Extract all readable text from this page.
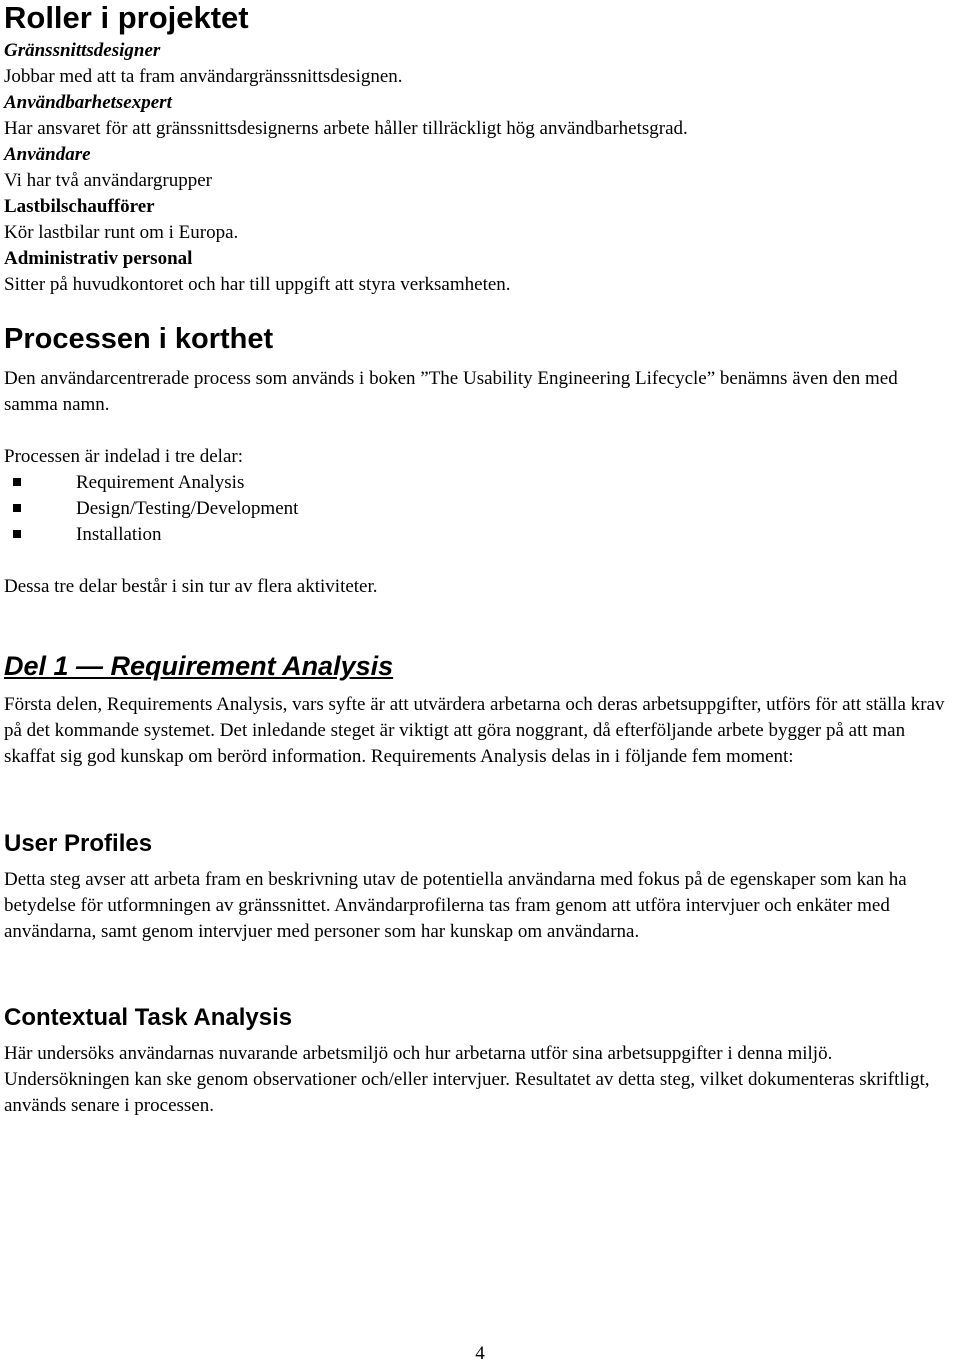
Roller i projektet

Gränssnittsdesigner

Jobbar med att ta fram användargränssnittsdesignen.

Användbarhetsexpert

Har ansvaret för att gränssnittsdesignerns arbete håller tillräckligt hög användbarhetsgrad.

Användare

Vi har två användargrupper

Lastbilschaufförer

Kör lastbilar runt om i Europa.

Administrativ personal

Sitter på huvudkontoret och har till uppgift att styra verksamheten.

Processen i korthet

Den användarcentrerade process som används i boken ”The Usability Engineering Lifecycle” benämns även den med samma namn.

Processen är indelad i tre delar:

Requirement Analysis
Design/Testing/Development
Installation

Dessa tre delar består i sin tur av flera aktiviteter.

Del 1 — Requirement Analysis

Första delen, Requirements Analysis, vars syfte är att utvärdera arbetarna och deras arbetsuppgifter, utförs för att ställa krav på det kommande systemet. Det inledande steget är viktigt att göra noggrant, då efterföljande arbete bygger på att man skaffat sig god kunskap om berörd information. Requirements Analysis delas in i följande fem moment:

User Profiles

Detta steg avser att arbeta fram en beskrivning utav de potentiella användarna med fokus på de egenskaper som kan ha betydelse för utformningen av gränssnittet. Användarprofilerna tas fram genom att utföra intervjuer och enkäter med användarna, samt genom intervjuer med personer som har kunskap om användarna.

Contextual Task Analysis

Här undersöks användarnas nuvarande arbetsmiljö och hur arbetarna utför sina arbetsuppgifter i denna miljö. Undersökningen kan ske genom observationer och/eller intervjuer. Resultatet av detta steg, vilket dokumenteras skriftligt, används senare i processen.

4
